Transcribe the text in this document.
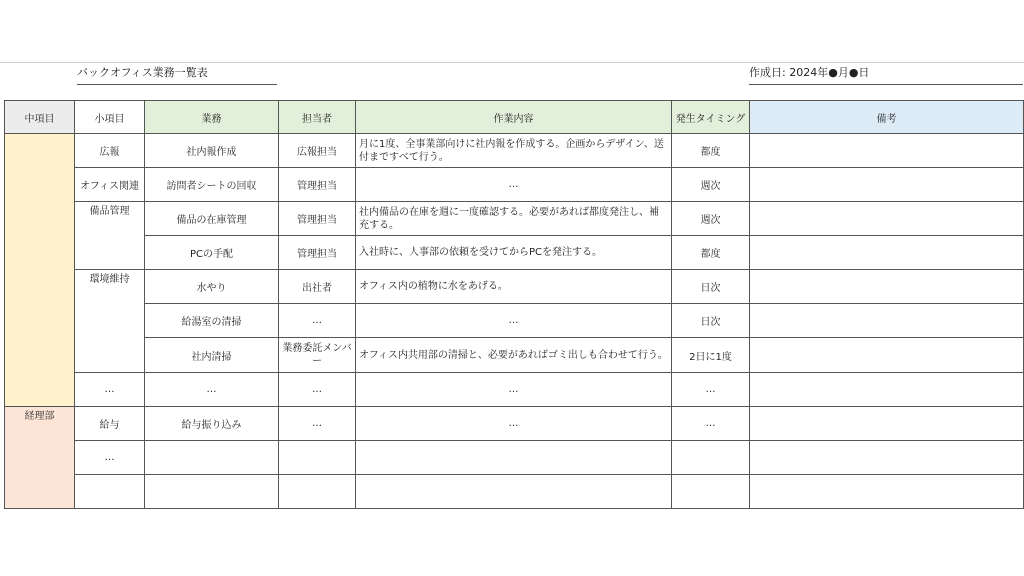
バックオフィス業務一覧表	作成日: 2024年●月●日
中項目	小項目	業務	担当者	作業内容	発生タイミング	備考
	広報	社内報作成	広報担当	月に1度、全事業部向けに社内報を作成する。企画からデザイン、送付まですべて行う。	都度	
	オフィス関連	訪問者シートの回収	管理担当	…	週次	
	備品管理	備品の在庫管理	管理担当	社内備品の在庫を週に一度確認する。必要があれば都度発注し、補充する。	週次	
		PCの手配	管理担当	入社時に、人事部の依頼を受けてからPCを発注する。	都度	
	環境維持	水やり	出社者	オフィス内の植物に水をあげる。	日次	
		給湯室の清掃	…	…	日次	
		社内清掃	業務委託メンバー	オフィス内共用部の清掃と、必要があればゴミ出しも合わせて行う。	2日に1度	
	…	…	…	…	…	
経理部	給与	給与振り込み	…	…	…	
	…					
